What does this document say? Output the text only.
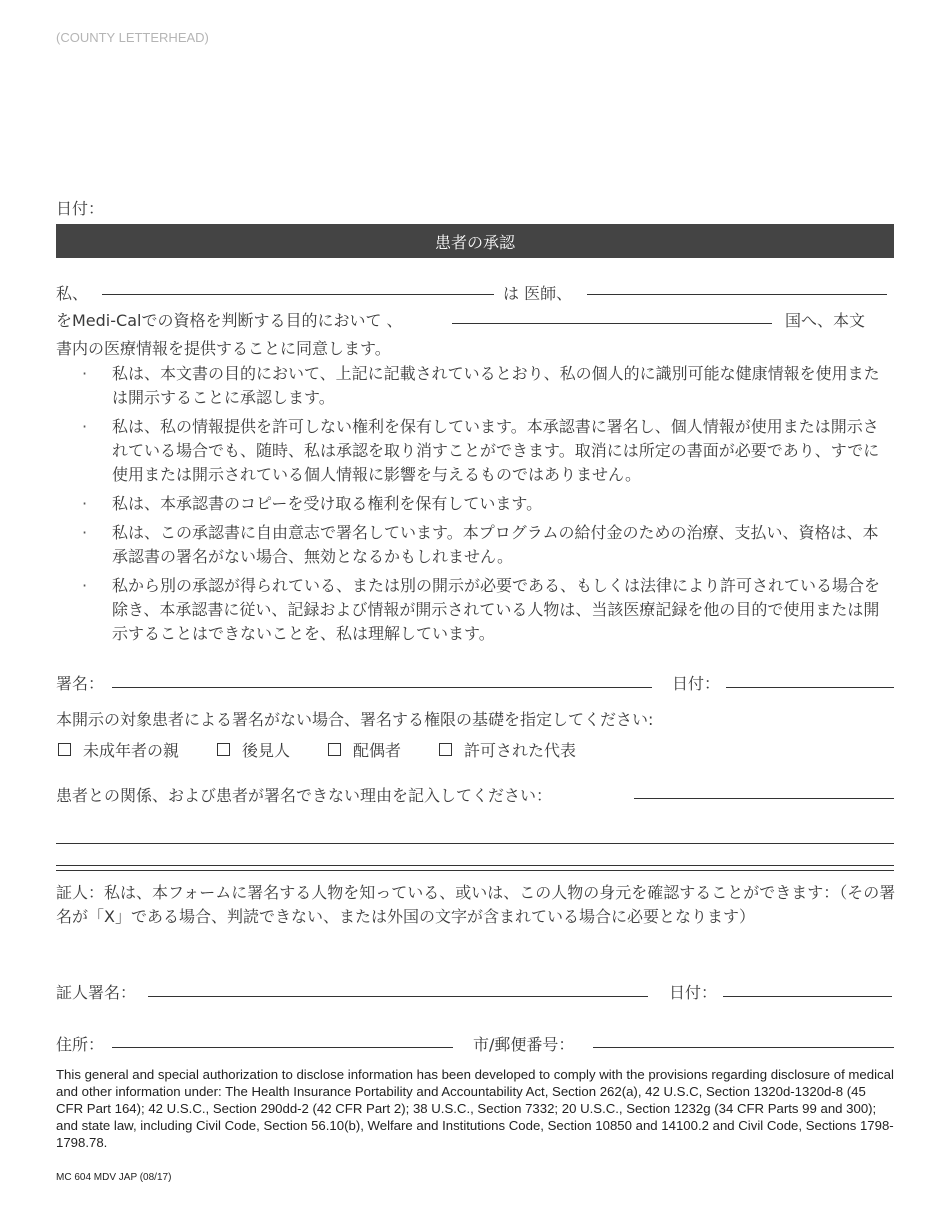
(COUNTY LETTERHEAD)
日付：
患者の承認
私、	は 医師、
をMedi-Calでの資格を判断する目的において 、	国へ、本文
書内の医療情報を提供することに同意します。
·	私は、本文書の目的において、上記に記載されているとおり、私の個人的に識別可能な健康情報を使用または開示することに承認します。
·	私は、私の情報提供を許可しない権利を保有しています。本承認書に署名し、個人情報が使用または開示されている場合でも、随時、私は承認を取り消すことができます。取消には所定の書面が必要であり、すでに使用または開示されている個人情報に影響を与えるものではありません。
·	私は、本承認書のコピーを受け取る権利を保有しています。
·	私は、この承認書に自由意志で署名しています。本プログラムの給付金のための治療、支払い、資格は、本承認書の署名がない場合、無効となるかもしれません。
·	私から別の承認が得られている、または別の開示が必要である、もしくは法律により許可されている場合を除き、本承認書に従い、記録および情報が開示されている人物は、当該医療記録を他の目的で使用または開示することはできないことを、私は理解しています。
署名：	日付：
本開示の対象患者による署名がない場合、署名する権限の基礎を指定してください:
未成年者の親	後見人	配偶者	許可された代表
患者との関係、および患者が署名できない理由を記入してください：
証人：私は、本フォームに署名する人物を知っている、或いは、この人物の身元を確認することができます：（その署名が「X」である場合、判読できない、または外国の文字が含まれている場合に必要となります）
証人署名：	日付：
住所：	市/郵便番号：
This general and special authorization to disclose information has been developed to comply with the provisions regarding disclosure of medical and other information under: The Health Insurance Portability and Accountability Act, Section 262(a), 42 U.S.C, Section 1320d-1320d-8 (45 CFR Part 164); 42 U.S.C., Section 290dd-2 (42 CFR Part 2); 38 U.S.C., Section 7332; 20 U.S.C., Section 1232g (34 CFR Parts 99 and 300); and state law, including Civil Code, Section 56.10(b), Welfare and Institutions Code, Section 10850 and 14100.2 and Civil Code, Sections 1798-1798.78.
MC 604 MDV JAP (08/17)
